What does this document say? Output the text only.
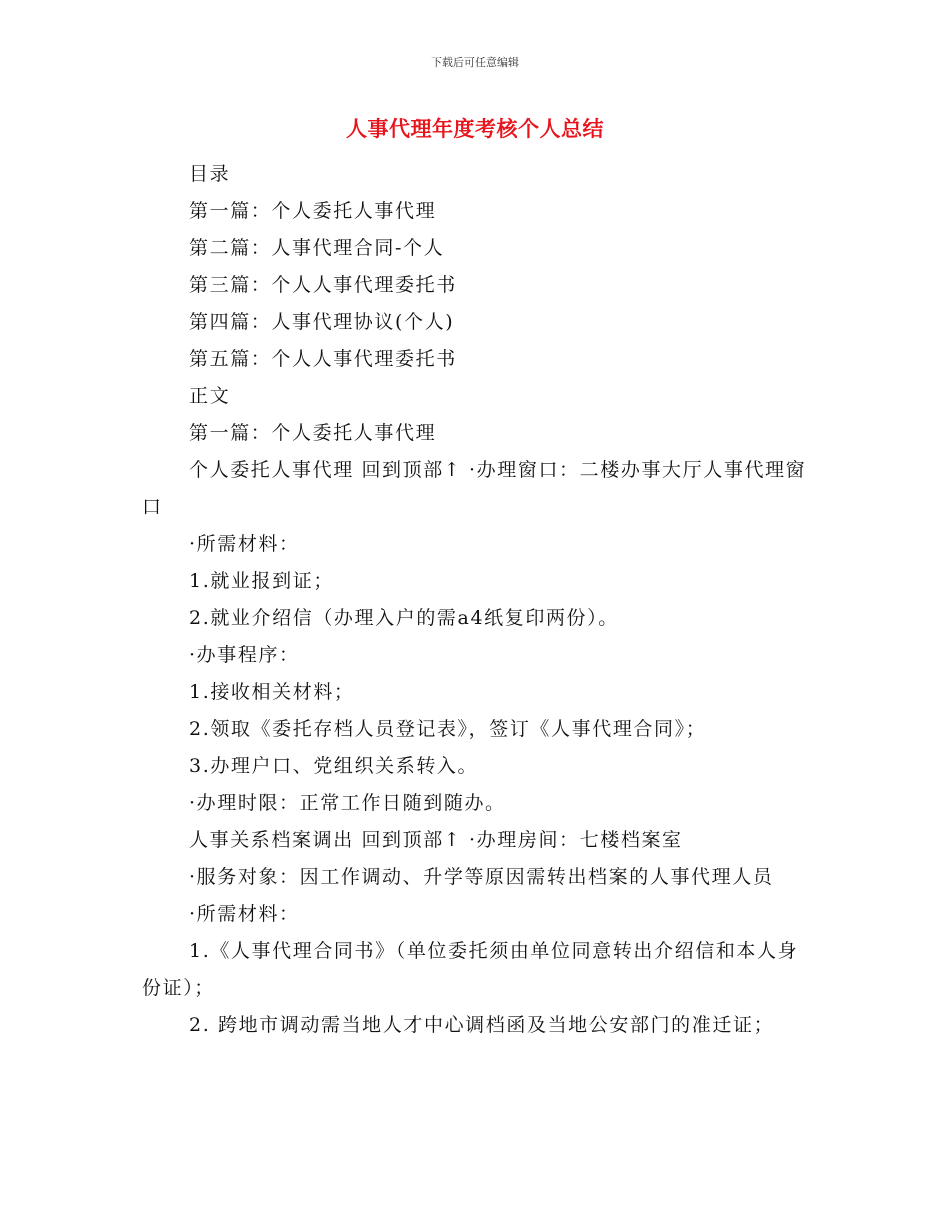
下载后可任意编辑
人事代理年度考核个人总结

目录

第一篇：个人委托人事代理

第二篇：人事代理合同-个人

第三篇：个人人事代理委托书

第四篇：人事代理协议(个人)

第五篇：个人人事代理委托书

正文

第一篇：个人委托人事代理

个人委托人事代理 回到顶部↑ ·办理窗口：二楼办事大厅人事代理窗口

·所需材料：

1.就业报到证；

2.就业介绍信（办理入户的需a4纸复印两份）。

·办事程序：

1.接收相关材料；

2.领取《委托存档人员登记表》，签订《人事代理合同》；

3.办理户口、党组织关系转入。

·办理时限：正常工作日随到随办。

人事关系档案调出 回到顶部↑ ·办理房间：七楼档案室

·服务对象：因工作调动、升学等原因需转出档案的人事代理人员

·所需材料：

1.《人事代理合同书》（单位委托须由单位同意转出介绍信和本人身份证）；

2. 跨地市调动需当地人才中心调档函及当地公安部门的准迁证；
